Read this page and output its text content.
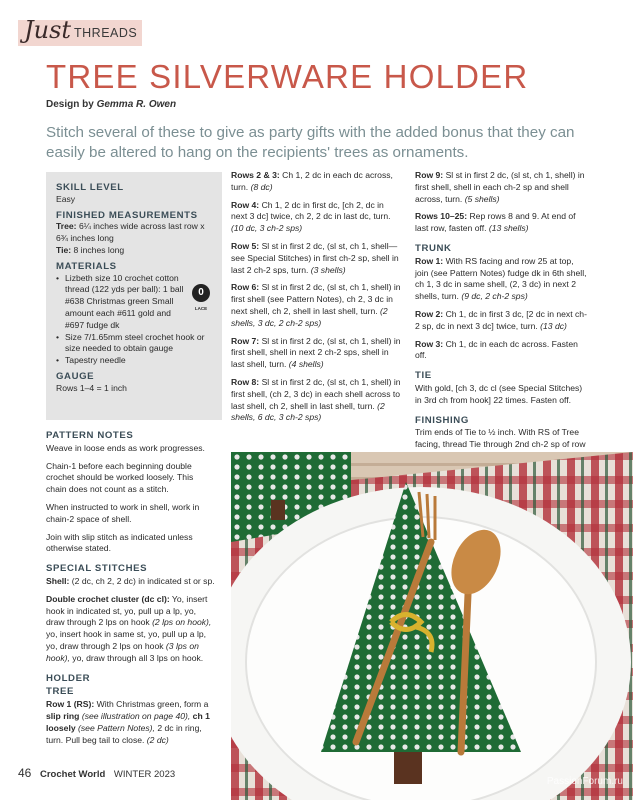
Just THREADS
TREE SILVERWARE HOLDER
Design by Gemma R. Owen

Stitch several of these to give as party gifts with the added bonus that they can easily be altered to hang on the recipients' trees as ornaments.

SKILL LEVEL
Easy
FINISHED MEASUREMENTS
Tree: 6¼ inches wide across last row x 6¾ inches long
Tie: 8 inches long
MATERIALS
• Lizbeth size 10 crochet cotton thread (122 yds per ball): 1 ball #638 Christmas green Small amount each #611 gold and #697 fudge dk
• Size 7/1.65mm steel crochet hook or size needed to obtain gauge
• Tapestry needle
GAUGE
Rows 1–4 = 1 inch
0
LACE
PATTERN NOTES

Weave in loose ends as work progresses.

Chain-1 before each beginning double crochet should be worked loosely. This chain does not count as a stitch.

When instructed to work in shell, work in chain-2 space of shell.

Join with slip stitch as indicated unless otherwise stated.

SPECIAL STITCHES

Shell: (2 dc, ch 2, 2 dc) in indicated st or sp.

Double crochet cluster (dc cl): Yo, insert hook in indicated st, yo, pull up a lp, yo, draw through 2 lps on hook (2 lps on hook), yo, insert hook in same st, yo, pull up a lp, yo, draw through 2 lps on hook (3 lps on hook), yo, draw through all 3 lps on hook.

HOLDER
TREE

Row 1 (RS): With Christmas green, form a slip ring (see illustration on page 40), ch 1 loosely (see Pattern Notes), 2 dc in ring, turn. Pull beg tail to close. (2 dc)

Rows 2 & 3: Ch 1, 2 dc in each dc across, turn. (8 dc)

Row 4: Ch 1, 2 dc in first dc, [ch 2, dc in next 3 dc] twice, ch 2, 2 dc in last dc, turn. (10 dc, 3 ch-2 sps)

Row 5: Sl st in first 2 dc, (sl st, ch 1, shell—see Special Stitches) in first ch-2 sp, shell in last 2 ch-2 sps, turn. (3 shells)

Row 6: Sl st in first 2 dc, (sl st, ch 1, shell) in first shell (see Pattern Notes), ch 2, 3 dc in next shell, ch 2, shell in last shell, turn. (2 shells, 3 dc, 2 ch-2 sps)

Row 7: Sl st in first 2 dc, (sl st, ch 1, shell) in first shell, shell in next 2 ch-2 sps, shell in last shell, turn. (4 shells)

Row 8: Sl st in first 2 dc, (sl st, ch 1, shell) in first shell, (ch 2, 3 dc) in each shell across to last shell, ch 2, shell in last shell, turn. (2 shells, 6 dc, 3 ch-2 sps)

Row 9: Sl st in first 2 dc, (sl st, ch 1, shell) in first shell, shell in each ch-2 sp and shell across, turn. (5 shells)

Rows 10–25: Rep rows 8 and 9. At end of last row, fasten off. (13 shells)

TRUNK

Row 1: With RS facing and row 25 at top, join (see Pattern Notes) fudge dk in 6th shell, ch 1, 3 dc in same shell, (2, 3 dc) in next 2 shells, turn. (9 dc, 2 ch-2 sps)

Row 2: Ch 1, dc in first 3 dc, [2 dc in next ch-2 sp, dc in next 3 dc] twice, turn. (13 dc)

Row 3: Ch 1, dc in each dc across. Fasten off.

TIE

With gold, [ch 3, dc cl (see Special Stitches) in 3rd ch from hook] 22 times. Fasten off.

FINISHING

Trim ends of Tie to ½ inch. With RS of Tree facing, thread Tie through 2nd ch-2 sp of row

46 Crochet World WINTER 2023
PassionForum.ru
